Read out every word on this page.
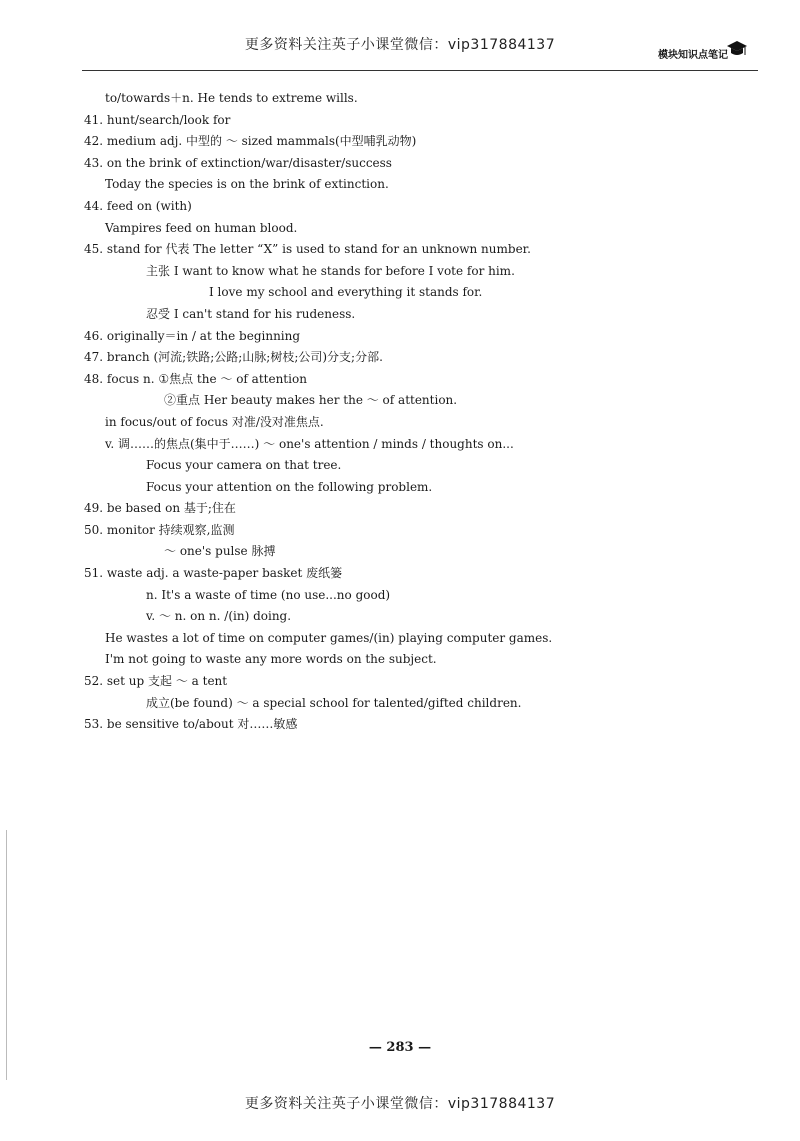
更多资料关注英子小课堂微信：vip317884137
模块知识点笔记
to/towards＋n. He tends to extreme wills.
41. hunt/search/look for
42. medium adj. 中型的 ～ sized mammals(中型哺乳动物)
43. on the brink of extinction/war/disaster/success
Today the species is on the brink of extinction.
44. feed on (with)
Vampires feed on human blood.
45. stand for 代表 The letter “X” is used to stand for an unknown number.
主张 I want to know what he stands for before I vote for him.
I love my school and everything it stands for.
忍受 I can't stand for his rudeness.
46. originally＝in / at the beginning
47. branch (河流;铁路;公路;山脉;树枝;公司)分支;分部.
48. focus n. ①焦点 the ～ of attention
②重点 Her beauty makes her the ～ of attention.
in focus/out of focus 对准/没对准焦点.
v. 调……的焦点(集中于……) ～ one's attention / minds / thoughts on...
Focus your camera on that tree.
Focus your attention on the following problem.
49. be based on 基于;住在
50. monitor 持续观察,监测
～ one's pulse 脉搏
51. waste adj. a waste-paper basket 废纸篓
n. It's a waste of time (no use...no good)
v. ～ n. on n. /(in) doing.
He wastes a lot of time on computer games/(in) playing computer games.
I'm not going to waste any more words on the subject.
52. set up 支起 ～ a tent
成立(be found) ～ a special school for talented/gifted children.
53. be sensitive to/about 对……敏感
— 283 —
更多资料关注英子小课堂微信：vip317884137
